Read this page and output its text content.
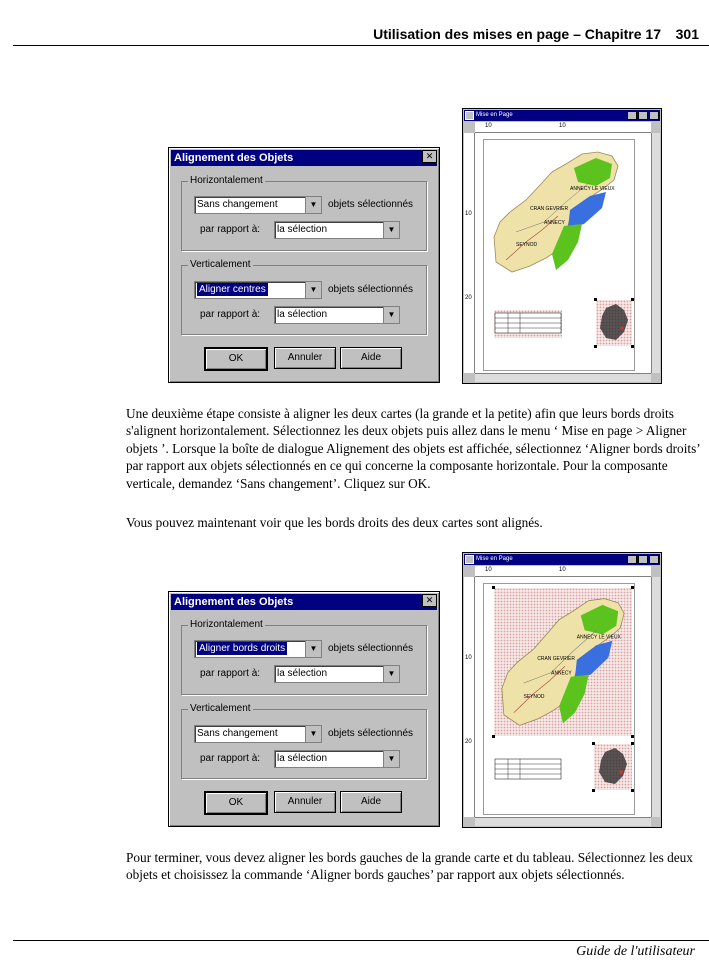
Utilisation des mises en page – Chapitre 17 301
Alignement des Objets	✕
Horizontalement
Sans changement	▼	objets sélectionnés
par rapport à: la sélection	▼
Verticalement
Aligner centres	▼	objets sélectionnés
par rapport à: la sélection	▼
OK	Annuler	Aide
Mise en Page
10	10
10
20
ANNECY LE VIEUX
CRAN GEVRIER
ANNECY
SEYNOD

Une deuxième étape consiste à aligner les deux cartes (la grande et la petite) afin que leurs bords droits s'alignent horizontalement. Sélectionnez les deux objets puis allez dans le menu ‘ Mise en page > Aligner objets ’. Lorsque la boîte de dialogue Alignement des objets est affichée, sélectionnez ‘Aligner bords droits’ par rapport aux objets sélectionnés en ce qui concerne la composante horizontale. Pour la composante verticale, demandez ‘Sans changement’. Cliquez sur OK.

Vous pouvez maintenant voir que les bords droits des deux cartes sont alignés.

Alignement des Objets	✕
Horizontalement
Aligner bords droits	▼	objets sélectionnés
par rapport à: la sélection	▼
Verticalement
Sans changement	▼	objets sélectionnés
par rapport à: la sélection	▼
OK	Annuler	Aide
Mise en Page
10	10
10
20
ANNECY LE VIEUX
CRAN GEVRIER
ANNECY
SEYNOD

Pour terminer, vous devez aligner les bords gauches de la grande carte et du tableau. Sélectionnez les deux objets et choisissez la commande ‘Aligner bords gauches’ par rapport aux objets sélectionnés.

Guide de l'utilisateur
